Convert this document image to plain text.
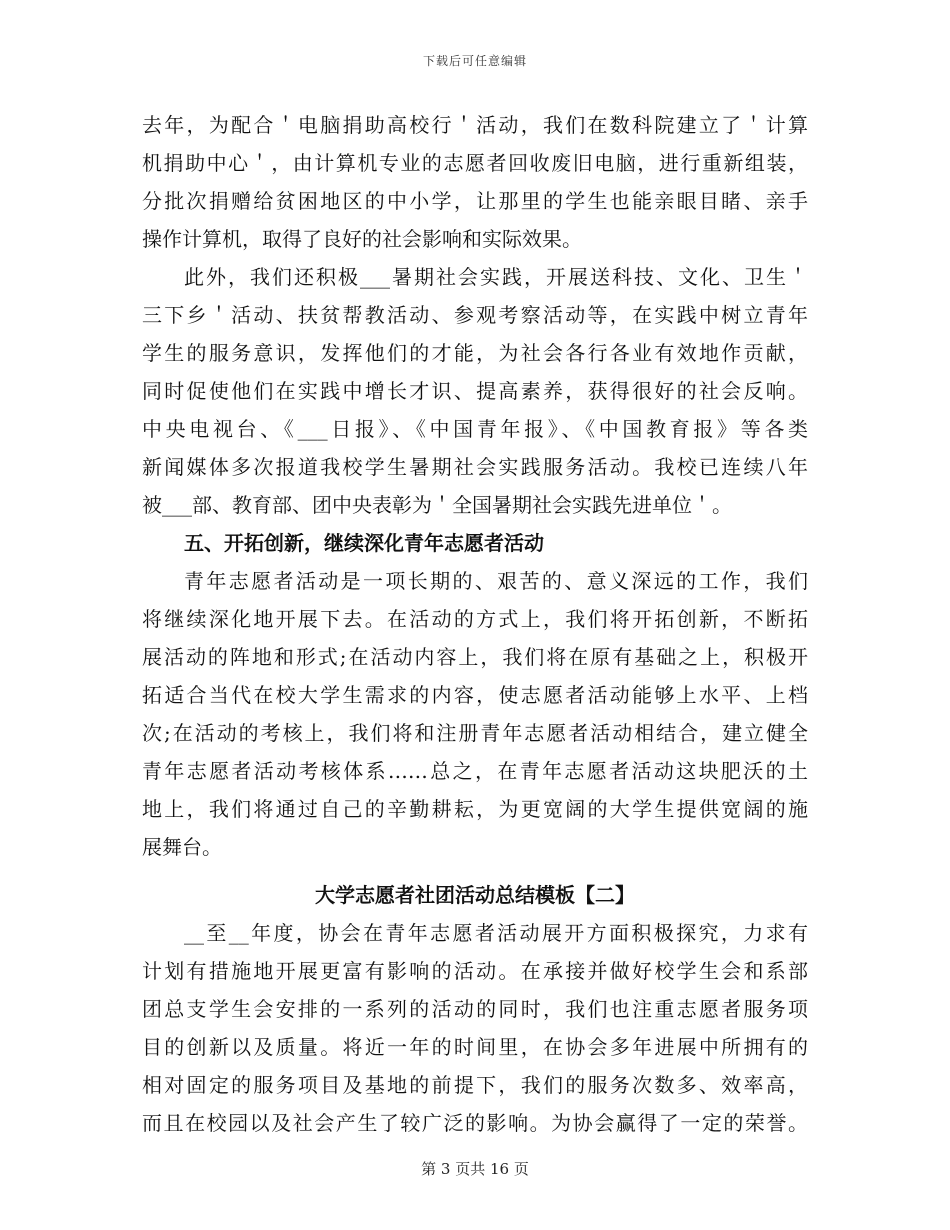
下载后可任意编辑
去年，为配合＇电脑捐助高校行＇活动，我们在数科院建立了＇计算
机捐助中心＇，由计算机专业的志愿者回收废旧电脑，进行重新组装，
分批次捐赠给贫困地区的中小学，让那里的学生也能亲眼目睹、亲手
操作计算机，取得了良好的社会影响和实际效果。
此外，我们还积极___暑期社会实践，开展送科技、文化、卫生＇
三下乡＇活动、扶贫帮教活动、参观考察活动等，在实践中树立青年
学生的服务意识，发挥他们的才能，为社会各行各业有效地作贡献，
同时促使他们在实践中增长才识、提高素养，获得很好的社会反响。
中央电视台、《___日报》、《中国青年报》、《中国教育报》等各类
新闻媒体多次报道我校学生暑期社会实践服务活动。我校已连续八年
被___部、教育部、团中央表彰为＇全国暑期社会实践先进单位＇。
五、开拓创新，继续深化青年志愿者活动
青年志愿者活动是一项长期的、艰苦的、意义深远的工作，我们
将继续深化地开展下去。在活动的方式上，我们将开拓创新，不断拓
展活动的阵地和形式;在活动内容上，我们将在原有基础之上，积极开
拓适合当代在校大学生需求的内容，使志愿者活动能够上水平、上档
次;在活动的考核上，我们将和注册青年志愿者活动相结合，建立健全
青年志愿者活动考核体系……总之，在青年志愿者活动这块肥沃的土
地上，我们将通过自己的辛勤耕耘，为更宽阔的大学生提供宽阔的施
展舞台。
大学志愿者社团活动总结模板【二】
__至__年度，协会在青年志愿者活动展开方面积极探究，力求有
计划有措施地开展更富有影响的活动。在承接并做好校学生会和系部
团总支学生会安排的一系列的活动的同时，我们也注重志愿者服务项
目的创新以及质量。将近一年的时间里，在协会多年进展中所拥有的
相对固定的服务项目及基地的前提下，我们的服务次数多、效率高，
而且在校园以及社会产生了较广泛的影响。为协会赢得了一定的荣誉。
第 3 页共 16 页
